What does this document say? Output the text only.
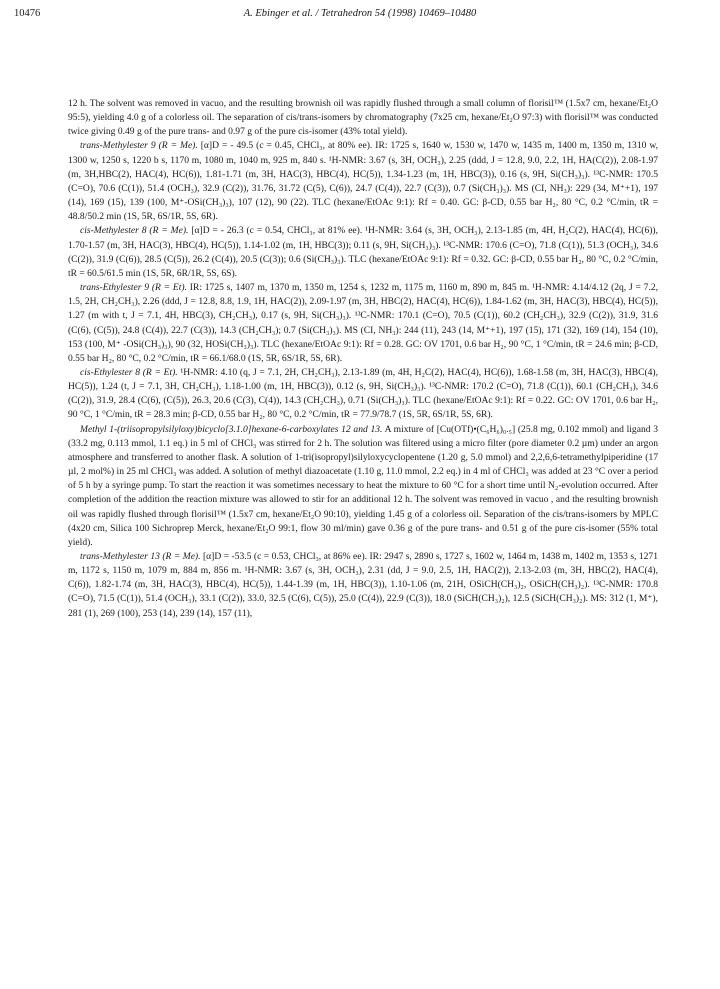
10476	A. Ebinger et al. / Tetrahedron 54 (1998) 10469–10480

12 h. The solvent was removed in vacuo, and the resulting brownish oil was rapidly flushed through a small column of florisil™ (1.5x7 cm, hexane/Et₂O 95:5), yielding 4.0 g of a colorless oil. The separation of cis/trans-isomers by chromatography (7x25 cm, hexane/Et₂O 97:3) with florisil™ was conducted twice giving 0.49 g of the pure trans- and 0.97 g of the pure cis-isomer (43% total yield).

trans-Methylester 9 (R = Me). [α]D = - 49.5 (c = 0.45, CHCl₃, at 80% ee). IR: 1725 s, 1640 w, 1530 w, 1470 w, 1435 m, 1400 m, 1350 m, 1310 w, 1300 w, 1250 s, 1220 b s, 1170 m, 1080 m, 1040 m, 925 m, 840 s. ¹H-NMR: 3.67 (s, 3H, OCH₃), 2.25 (ddd, J = 12.8, 9.0, 2.2, 1H, HA(C(2)), 2.08-1.97 (m, 3H,HBC(2), HAC(4), HC(6)), 1.81-1.71 (m, 3H, HAC(3), HBC(4), HC(5)), 1.34-1.23 (m, 1H, HBC(3)), 0.16 (s, 9H, Si(CH₃)₃). ¹³C-NMR: 170.5 (C=O), 70.6 (C(1)), 51.4 (OCH₃), 32.9 (C(2)), 31.76, 31.72 (C(5), C(6)), 24.7 (C(4)), 22.7 (C(3)), 0.7 (Si(CH₃)₃). MS (CI, NH₃): 229 (34, M⁺+1), 197 (14), 169 (15), 139 (100, M⁺-OSi(CH₃)₃), 107 (12), 90 (22). TLC (hexane/EtOAc 9:1): Rf = 0.40. GC: β-CD, 0.55 bar H₂, 80 °C, 0.2 °C/min, tR = 48.8/50.2 min (1S, 5R, 6S/1R, 5S, 6R).

cis-Methylester 8 (R = Me). [α]D = - 26.3 (c = 0.54, CHCl₃, at 81% ee). ¹H-NMR: 3.64 (s, 3H, OCH₃), 2.13-1.85 (m, 4H, H₂C(2), HAC(4), HC(6)), 1.70-1.57 (m, 3H, HAC(3), HBC(4), HC(5)), 1.14-1.02 (m, 1H, HBC(3)); 0.11 (s, 9H, Si(CH₃)₃). ¹³C-NMR: 170.6 (C=O), 71.8 (C(1)), 51.3 (OCH₃), 34.6 (C(2)), 31.9 (C(6)), 28.5 (C(5)), 26.2 (C(4)), 20.5 (C(3)); 0.6 (Si(CH₃)₃). TLC (hexane/EtOAc 9:1): Rf = 0.32. GC: β-CD, 0.55 bar H₂, 80 °C, 0.2 °C/min, tR = 60.5/61.5 min (1S, 5R, 6R/1R, 5S, 6S).

trans-Ethylester 9 (R = Et). IR: 1725 s, 1407 m, 1370 m, 1350 m, 1254 s, 1232 m, 1175 m, 1160 m, 890 m, 845 m. ¹H-NMR: 4.14/4.12 (2q, J = 7.2, 1.5, 2H, CH₂CH₃), 2.26 (ddd, J = 12.8, 8.8, 1.9, 1H, HAC(2)), 2.09-1.97 (m, 3H, HBC(2), HAC(4), HC(6)), 1.84-1.62 (m, 3H, HAC(3), HBC(4), HC(5)), 1.27 (m with t, J = 7.1, 4H, HBC(3), CH₂CH₃), 0.17 (s, 9H, Si(CH₃)₃). ¹³C-NMR: 170.1 (C=O), 70.5 (C(1)), 60.2 (CH₂CH₃), 32.9 (C(2)), 31.9, 31.6 (C(6), (C(5)), 24.8 (C(4)), 22.7 (C(3)), 14.3 (CH₂CH₃); 0.7 (Si(CH₃)₃). MS (CI, NH₃): 244 (11), 243 (14, M⁺+1), 197 (15), 171 (32), 169 (14), 154 (10), 153 (100, M⁺ -OSi(CH₃)₃), 90 (32, HOSi(CH₃)₃). TLC (hexane/EtOAc 9:1): Rf = 0.28. GC: OV 1701, 0.6 bar H₂, 90 °C, 1 °C/min, tR = 24.6 min; β-CD, 0.55 bar H₂, 80 °C, 0.2 °C/min, tR = 66.1/68.0 (1S, 5R, 6S/1R, 5S, 6R).

cis-Ethylester 8 (R = Et). ¹H-NMR: 4.10 (q, J = 7.1, 2H, CH₂CH₃), 2.13-1.89 (m, 4H, H₂C(2), HAC(4), HC(6)), 1.68-1.58 (m, 3H, HAC(3), HBC(4), HC(5)), 1.24 (t, J = 7.1, 3H, CH₂CH₃), 1.18-1.00 (m, 1H, HBC(3)), 0.12 (s, 9H, Si(CH₃)₃). ¹³C-NMR: 170.2 (C=O), 71.8 (C(1)), 60.1 (CH₂CH₃), 34.6 (C(2)), 31.9, 28.4 (C(6), (C(5)), 26.3, 20.6 (C(3), C(4)), 14.3 (CH₂CH₃), 0.71 (Si(CH₃)₃). TLC (hexane/EtOAc 9:1): Rf = 0.22. GC: OV 1701, 0.6 bar H₂, 90 °C, 1 °C/min, tR = 28.3 min; β-CD, 0.55 bar H₂, 80 °C, 0.2 °C/min, tR = 77.9/78.7 (1S, 5R, 6S/1R, 5S, 6R).

Methyl 1-(triisopropylsilyloxy)bicyclo[3.1.0]hexane-6-carboxylates 12 and 13. A mixture of [Cu(OTf)•(C₆H₆)₀.₅] (25.8 mg, 0.102 mmol) and ligand 3 (33.2 mg, 0.113 mmol, 1.1 eq.) in 5 ml of CHCl₃ was stirred for 2 h. The solution was filtered using a micro filter (pore diameter 0.2 µm) under an argon atmosphere and transferred to another flask. A solution of 1-tri(isopropyl)silyloxycyclopentene (1.20 g, 5.0 mmol) and 2,2,6,6-tetramethylpiperidine (17 µl, 2 mol%) in 25 ml CHCl₃ was added. A solution of methyl diazoacetate (1.10 g, 11.0 mmol, 2.2 eq.) in 4 ml of CHCl₃ was added at 23 °C over a period of 5 h by a syringe pump. To start the reaction it was sometimes necessary to heat the mixture to 60 °C for a short time until N₂-evolution occurred. After completion of the addition the reaction mixture was allowed to stir for an additional 12 h. The solvent was removed in vacuo , and the resulting brownish oil was rapidly flushed through florisil™ (1.5x7 cm, hexane/Et₂O 90:10), yielding 1.45 g of a colorless oil. Separation of the cis/trans-isomers by MPLC (4x20 cm, Silica 100 Sichroprep Merck, hexane/Et₂O 99:1, flow 30 ml/min) gave 0.36 g of the pure trans- and 0.51 g of the pure cis-isomer (55% total yield).

trans-Methylester 13 (R = Me). [α]D = -53.5 (c = 0.53, CHCl₃, at 86% ee). IR: 2947 s, 2890 s, 1727 s, 1602 w, 1464 m, 1438 m, 1402 m, 1353 s, 1271 m, 1172 s, 1150 m, 1079 m, 884 m, 856 m. ¹H-NMR: 3.67 (s, 3H, OCH₃), 2.31 (dd, J = 9.0, 2.5, 1H, HAC(2)), 2.13-2.03 (m, 3H, HBC(2), HAC(4), C(6)), 1.82-1.74 (m, 3H, HAC(3), HBC(4), HC(5)), 1.44-1.39 (m, 1H, HBC(3)), 1.10-1.06 (m, 21H, OSiCH(CH₃)₂, OSiCH(CH₃)₂). ¹³C-NMR: 170.8 (C=O), 71.5 (C(1)), 51.4 (OCH₃), 33.1 (C(2)), 33.0, 32.5 (C(6), C(5)), 25.0 (C(4)), 22.9 (C(3)), 18.0 (SiCH(CH₃)₂), 12.5 (SiCH(CH₃)₂). MS: 312 (1, M⁺), 281 (1), 269 (100), 253 (14), 239 (14), 157 (11),
